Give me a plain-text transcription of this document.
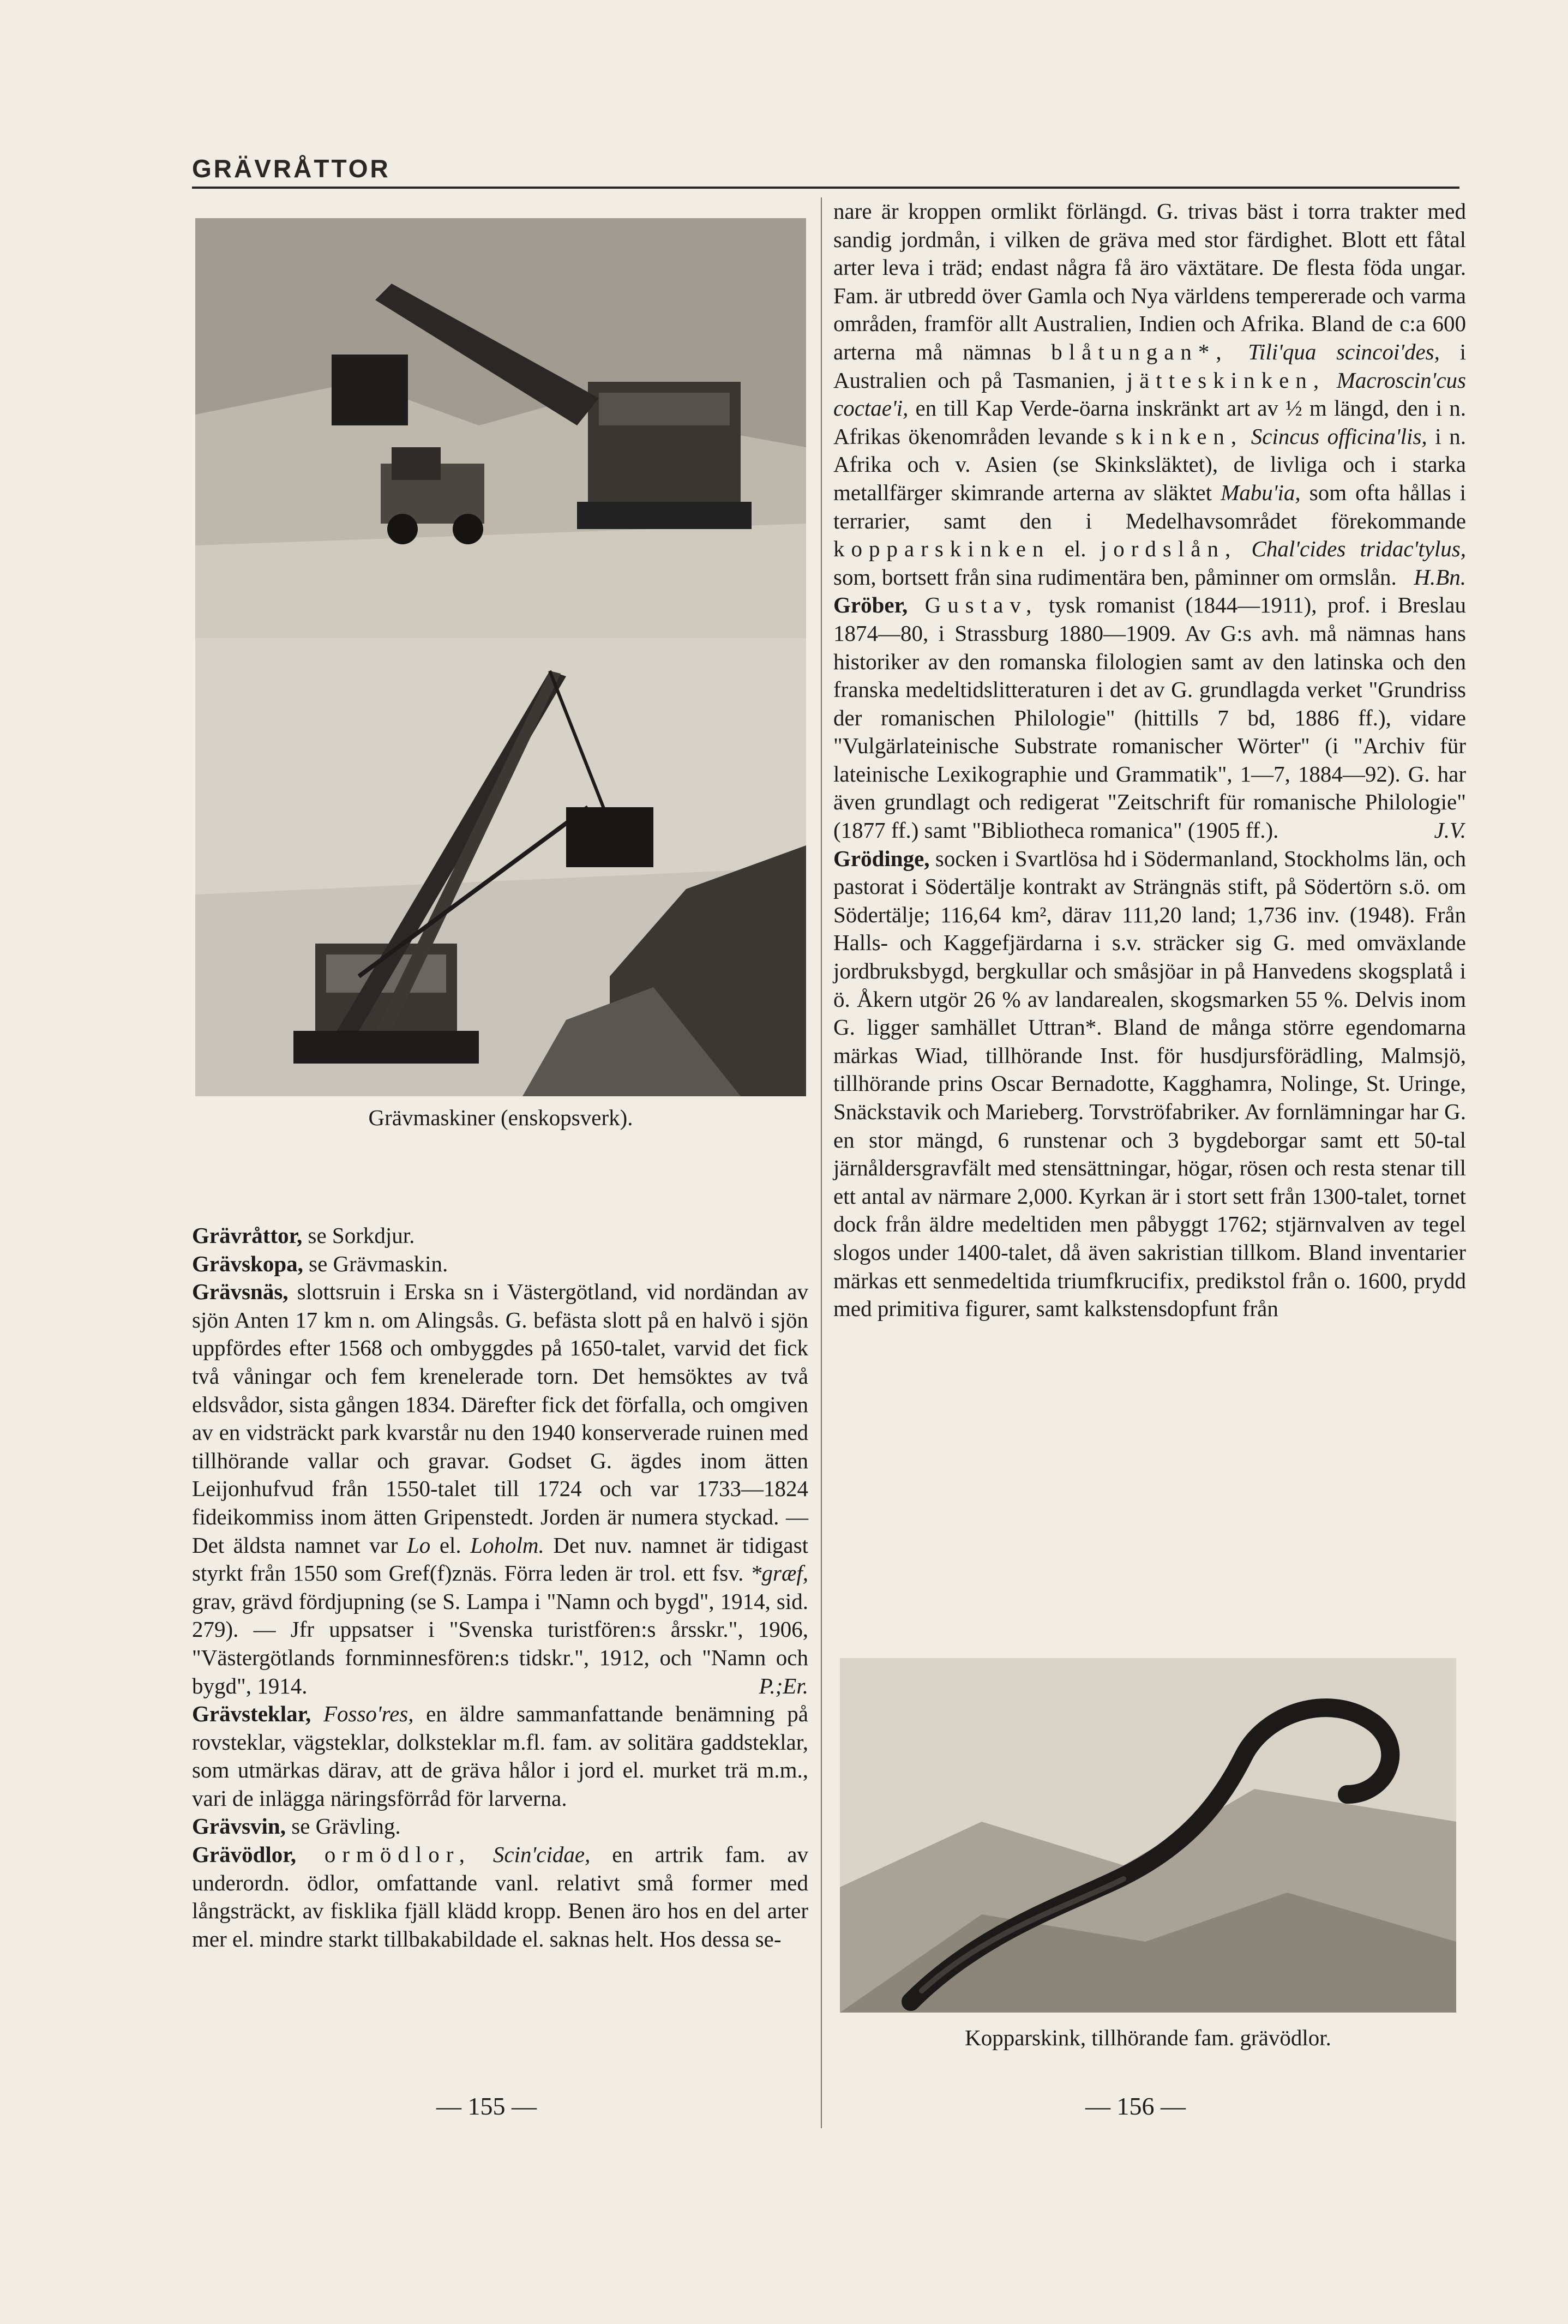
GRÄVRÅTTOR
Grävmaskiner (enskopsverk).

Grävråttor, se Sorkdjur.

Grävskopa, se Grävmaskin.

Grävsnäs, slottsruin i Erska sn i Västergötland, vid nordändan av sjön Anten 17 km n. om Alingsås. G. befästa slott på en halvö i sjön uppfördes efter 1568 och ombyggdes på 1650-talet, varvid det fick två våningar och fem krenelerade torn. Det hemsöktes av två eldsvådor, sista gången 1834. Därefter fick det förfalla, och omgiven av en vidsträckt park kvarstår nu den 1940 konserverade ruinen med tillhörande vallar och gravar. Godset G. ägdes inom ätten Leijonhufvud från 1550-talet till 1724 och var 1733—1824 fideikommiss inom ätten Gripenstedt. Jorden är numera styckad. — Det äldsta namnet var Lo el. Loholm. Det nuv. namnet är tidigast styrkt från 1550 som Gref(f)znäs. Förra leden är trol. ett fsv. *græf, grav, grävd fördjupning (se S. Lampa i "Namn och bygd", 1914, sid. 279). — Jfr uppsatser i "Svenska turistfören:s årsskr.", 1906, "Västergötlands fornminnesfören:s tidskr.", 1912, och "Namn och bygd", 1914.	P.;Er.

Grävsteklar, Fosso'res, en äldre sammanfattande benämning på rovsteklar, vägsteklar, dolksteklar m.fl. fam. av solitära gaddsteklar, som utmärkas därav, att de gräva hålor i jord el. murket trä m.m., vari de inlägga näringsförråd för larverna.

Grävsvin, se Grävling.

Grävödlor, ormödlor, Scin'cidae, en artrik fam. av underordn. ödlor, omfattande vanl. relativt små former med långsträckt, av fisklika fjäll klädd kropp. Benen äro hos en del arter mer el. mindre starkt tillbakabildade el. saknas helt. Hos dessa se-

nare är kroppen ormlikt förlängd. G. trivas bäst i torra trakter med sandig jordmån, i vilken de gräva med stor färdighet. Blott ett fåtal arter leva i träd; endast några få äro växtätare. De flesta föda ungar. Fam. är utbredd över Gamla och Nya världens tempererade och varma områden, framför allt Australien, Indien och Afrika. Bland de c:a 600 arterna må nämnas blåtungan*, Tili'qua scincoi'des, i Australien och på Tasmanien, jätteskinken, Macroscin'cus coctae'i, en till Kap Verde-öarna inskränkt art av ½ m längd, den i n. Afrikas ökenområden levande skinken, Scincus officina'lis, i n. Afrika och v. Asien (se Skinksläktet), de livliga och i starka metallfärger skimrande arterna av släktet Mabu'ia, som ofta hållas i terrarier, samt den i Medelhavsområdet förekommande kopparskinken el. jordslån, Chal'cides tridac'tylus, som, bortsett från sina rudimentära ben, påminner om ormslån. H.Bn.

Gröber, Gustav, tysk romanist (1844—1911), prof. i Breslau 1874—80, i Strassburg 1880—1909. Av G:s avh. må nämnas hans historiker av den romanska filologien samt av den latinska och den franska medeltidslitteraturen i det av G. grundlagda verket "Grundriss der romanischen Philologie" (hittills 7 bd, 1886 ff.), vidare "Vulgärlateinische Substrate romanischer Wörter" (i "Archiv für lateinische Lexikographie und Grammatik", 1—7, 1884—92). G. har även grundlagt och redigerat "Zeitschrift für romanische Philologie" (1877 ff.) samt "Bibliotheca romanica" (1905 ff.).	J.V.

Grödinge, socken i Svartlösa hd i Södermanland, Stockholms län, och pastorat i Södertälje kontrakt av Strängnäs stift, på Södertörn s.ö. om Södertälje; 116,64 km², därav 111,20 land; 1,736 inv. (1948). Från Halls- och Kaggefjärdarna i s.v. sträcker sig G. med omväxlande jordbruksbygd, bergkullar och småsjöar in på Hanvedens skogsplatå i ö. Åkern utgör 26 % av landarealen, skogsmarken 55 %. Delvis inom G. ligger samhället Uttran*. Bland de många större egendomarna märkas Wiad, tillhörande Inst. för husdjursförädling, Malmsjö, tillhörande prins Oscar Bernadotte, Kagghamra, Nolinge, St. Uringe, Snäckstavik och Marieberg. Torvströfabriker. Av fornlämningar har G. en stor mängd, 6 runstenar och 3 bygdeborgar samt ett 50-tal järnåldersgravfält med stensättningar, högar, rösen och resta stenar till ett antal av närmare 2,000. Kyrkan är i stort sett från 1300-talet, tornet dock från äldre medeltiden men påbyggt 1762; stjärnvalven av tegel slogos under 1400-talet, då även sakristian tillkom. Bland inventarier märkas ett senmedeltida triumfkrucifix, predikstol från o. 1600, prydd med primitiva figurer, samt kalkstensdopfunt från

Kopparskink, tillhörande fam. grävödlor.
— 155 —	— 156 —
